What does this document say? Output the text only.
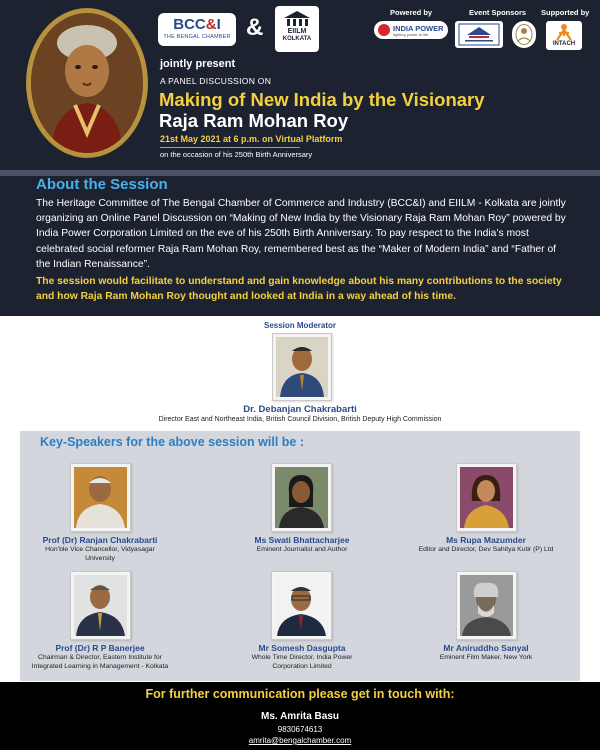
BCC&I
THE BENGAL CHAMBER &	EIILM
KOLKATA
jointly present
A PANEL DISCUSSION ON
Making of New India by the Visionary
Raja Ram Mohan Roy
21st May 2021 at 6 p.m. on Virtual Platform
on the occasion of his 250th Birth Anniversary
Powered by	Event Sponsors Supported by
INDIA POWER
lighting power to life
INTACH
About the Session
The Heritage Committee of The Bengal Chamber of Commerce and Industry (BCC&I) and EIILM - Kolkata are jointly organizing an Online Panel Discussion on “Making of New India by the Visionary Raja Ram Mohan Roy” powered by India Power Corporation Limited on the eve of his 250th Birth Anniversary. To pay respect to the India’s most celebrated social reformer Raja Ram Mohan Roy, remembered best as the “Maker of Modern India” and “Father of the Indian Renaissance”.
The session would facilitate to understand and gain knowledge about his many contributions to the society and how Raja Ram Mohan Roy thought and looked at India in a way ahead of his time.
Session Moderator
Dr. Debanjan Chakrabarti
Director East and Northeast India, British Council Division, British Deputy High Commission
Key-Speakers for the above session will be :
Prof (Dr) Ranjan Chakrabarti
Hon’ble Vice Chancellor, Vidyasagar University
Ms Swati Bhattacharjee
Eminent Journalist and Author
Ms Rupa Mazumder
Editor and Director, Dev Sahitya Kutir (P) Ltd
Prof (Dr) R P Banerjee
Chairman & Director, Eastern Institute for Integrated Learning in Management - Kolkata
Mr Somesh Dasgupta
Whole Time Director, India Power Corporation Limited
Mr Aniruddho Sanyal
Eminent Film Maker, New York
For further communication please get in touch with:
Ms. Amrita Basu
9830674613
amrita@bengalchamber.com
